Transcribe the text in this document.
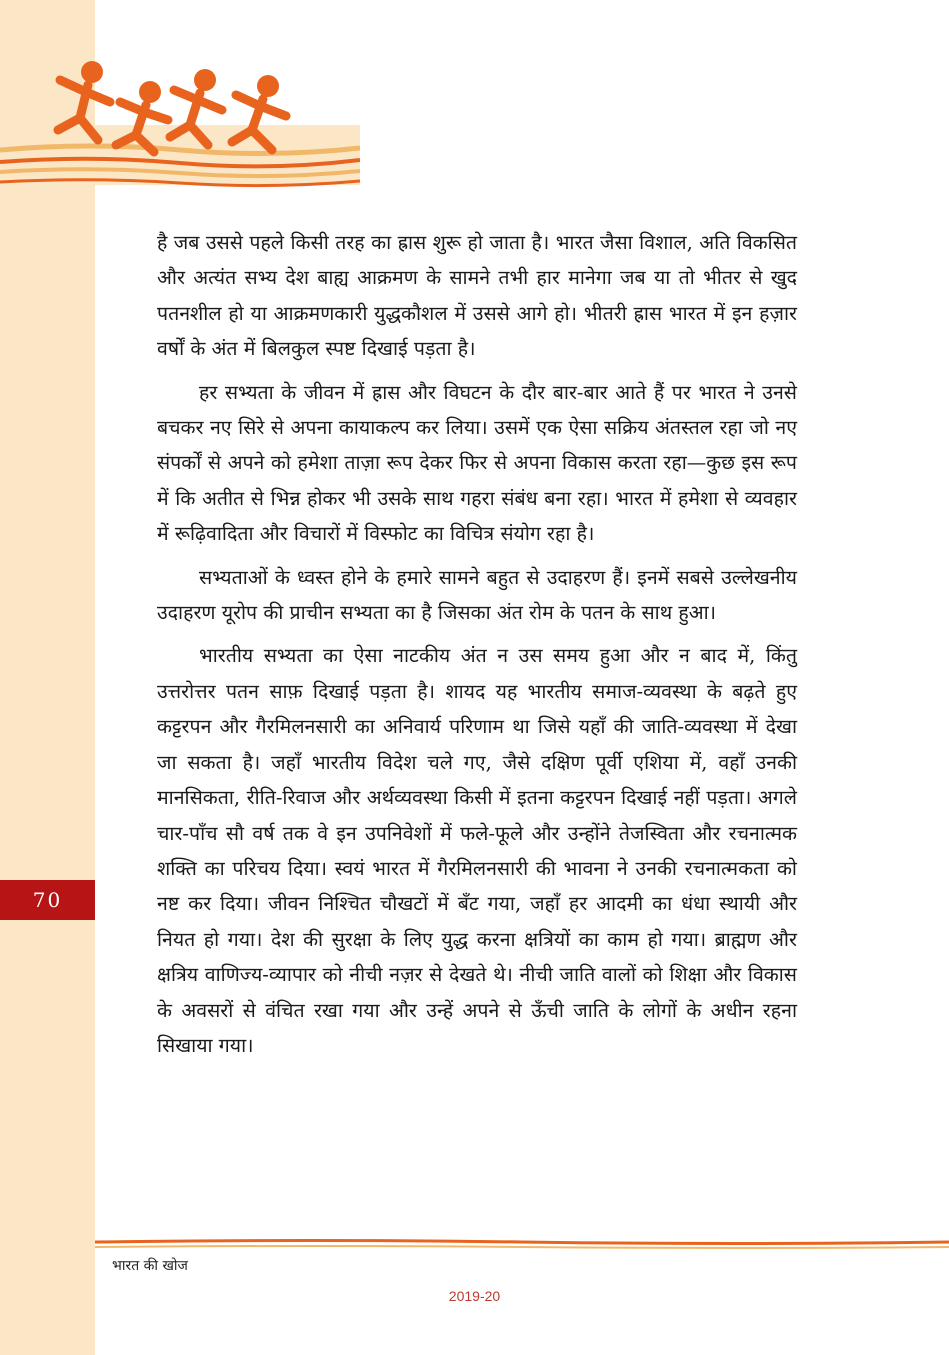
70

है जब उससे पहले किसी तरह का ह्रास शुरू हो जाता है। भारत जैसा विशाल, अति विकसित और अत्यंत सभ्य देश बाह्य आक्रमण के सामने तभी हार मानेगा जब या तो भीतर से खुद पतनशील हो या आक्रमणकारी युद्धकौशल में उससे आगे हो। भीतरी ह्रास भारत में इन हज़ार वर्षों के अंत में बिलकुल स्पष्ट दिखाई पड़ता है।

हर सभ्यता के जीवन में ह्रास और विघटन के दौर बार-बार आते हैं पर भारत ने उनसे बचकर नए सिरे से अपना कायाकल्प कर लिया। उसमें एक ऐसा सक्रिय अंतस्तल रहा जो नए संपर्कों से अपने को हमेशा ताज़ा रूप देकर फिर से अपना विकास करता रहा—कुछ इस रूप में कि अतीत से भिन्न होकर भी उसके साथ गहरा संबंध बना रहा। भारत में हमेशा से व्यवहार में रूढ़िवादिता और विचारों में विस्फोट का विचित्र संयोग रहा है।

सभ्यताओं के ध्वस्त होने के हमारे सामने बहुत से उदाहरण हैं। इनमें सबसे उल्लेखनीय उदाहरण यूरोप की प्राचीन सभ्यता का है जिसका अंत रोम के पतन के साथ हुआ।

भारतीय सभ्यता का ऐसा नाटकीय अंत न उस समय हुआ और न बाद में, किंतु उत्तरोत्तर पतन साफ़ दिखाई पड़ता है। शायद यह भारतीय समाज-व्यवस्था के बढ़ते हुए कट्टरपन और गैरमिलनसारी का अनिवार्य परिणाम था जिसे यहाँ की जाति-व्यवस्था में देखा जा सकता है। जहाँ भारतीय विदेश चले गए, जैसे दक्षिण पूर्वी एशिया में, वहाँ उनकी मानसिकता, रीति-रिवाज और अर्थव्यवस्था किसी में इतना कट्टरपन दिखाई नहीं पड़ता। अगले चार-पाँच सौ वर्ष तक वे इन उपनिवेशों में फले-फूले और उन्होंने तेजस्विता और रचनात्मक शक्ति का परिचय दिया। स्वयं भारत में गैरमिलनसारी की भावना ने उनकी रचनात्मकता को नष्ट कर दिया। जीवन निश्चित चौखटों में बँट गया, जहाँ हर आदमी का धंधा स्थायी और नियत हो गया। देश की सुरक्षा के लिए युद्ध करना क्षत्रियों का काम हो गया। ब्राह्मण और क्षत्रिय वाणिज्य-व्यापार को नीची नज़र से देखते थे। नीची जाति वालों को शिक्षा और विकास के अवसरों से वंचित रखा गया और उन्हें अपने से ऊँची जाति के लोगों के अधीन रहना सिखाया गया।

भारत की खोज
2019-20
